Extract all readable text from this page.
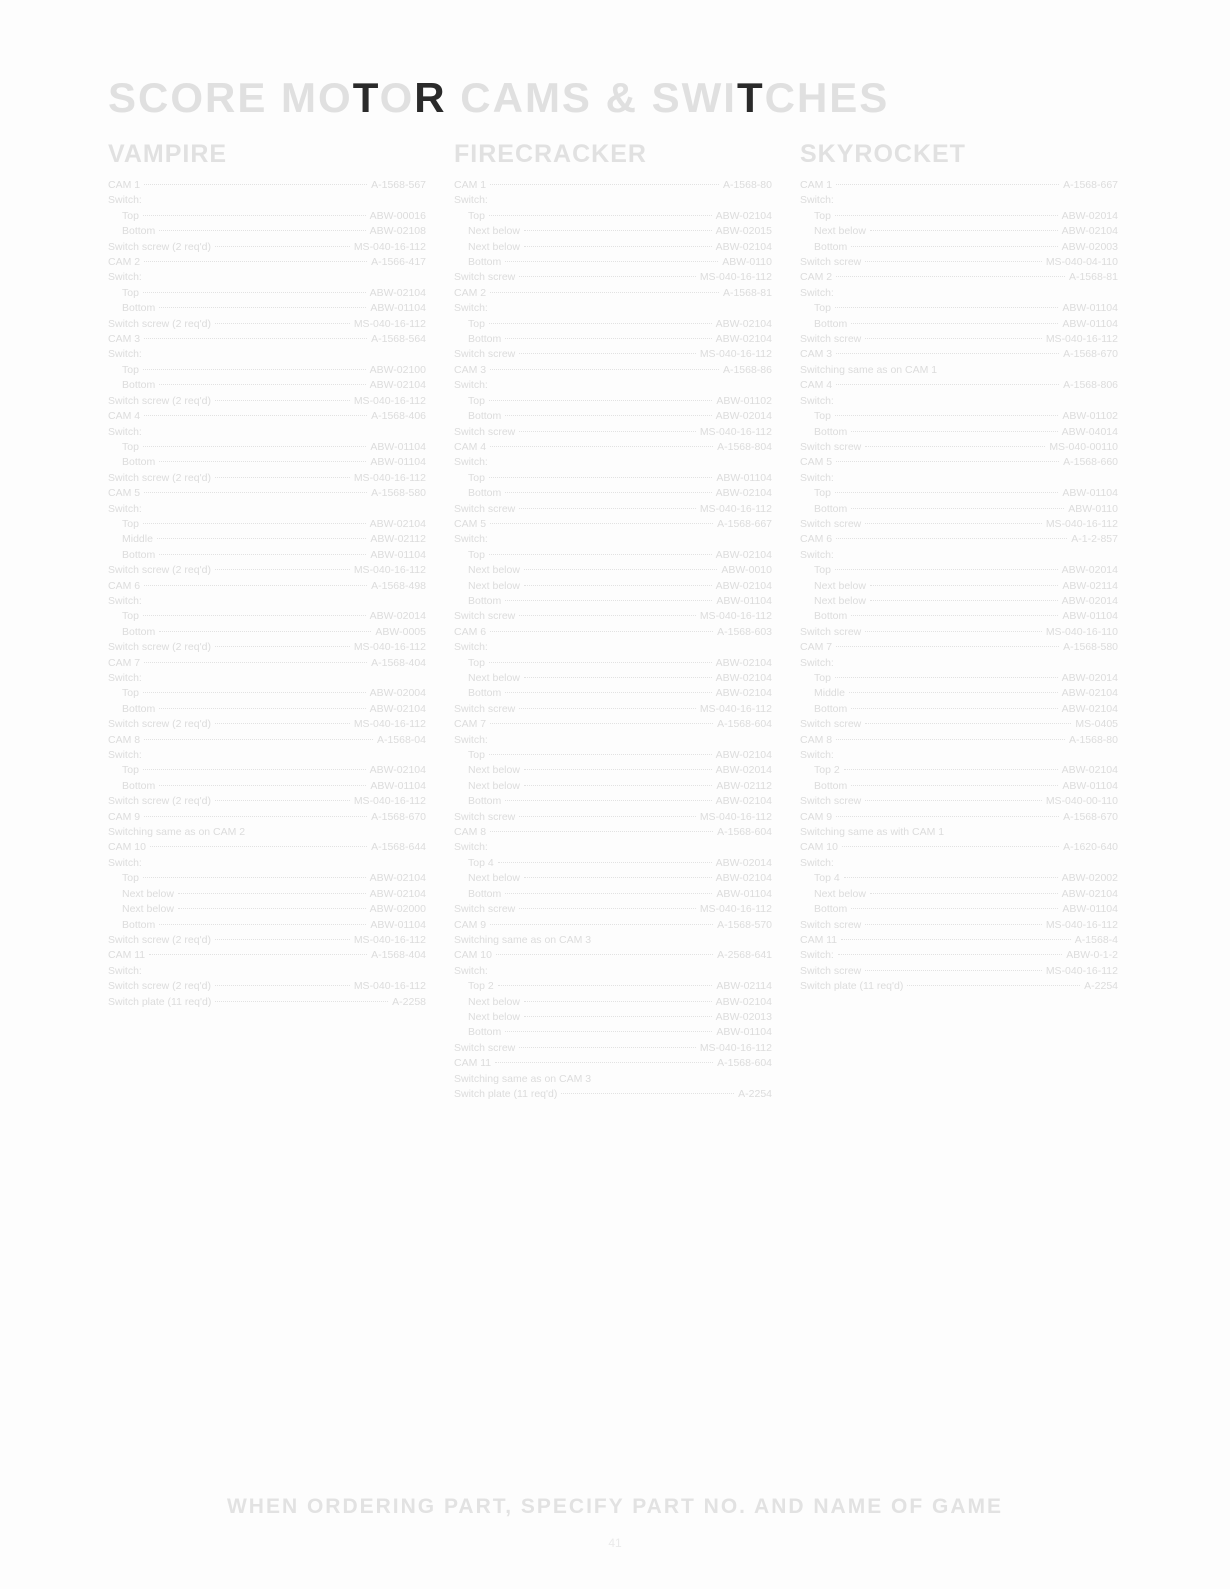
SCORE MOTOR CAMS & SWITCHES
VAMPIRE
CAM 1	A-1568-567
Switch:
Top	ABW-00016
Bottom	ABW-02108
Switch screw (2 req'd)	MS-040-16-112
CAM 2	A-1566-417
Switch:
Top	ABW-02104
Bottom	ABW-01104
Switch screw (2 req'd)	MS-040-16-112
CAM 3	A-1568-564
Switch:
Top	ABW-02100
Bottom	ABW-02104
Switch screw (2 req'd)	MS-040-16-112
CAM 4	A-1568-406
Switch:
Top	ABW-01104
Bottom	ABW-01104
Switch screw (2 req'd)	MS-040-16-112
CAM 5	A-1568-580
Switch:
Top	ABW-02104
Middle	ABW-02112
Bottom	ABW-01104
Switch screw (2 req'd)	MS-040-16-112
CAM 6	A-1568-498
Switch:
Top	ABW-02014
Bottom	ABW-0005
Switch screw (2 req'd)	MS-040-16-112
CAM 7	A-1568-404
Switch:
Top	ABW-02004
Bottom	ABW-02104
Switch screw (2 req'd)	MS-040-16-112
CAM 8	A-1568-04
Switch:
Top	ABW-02104
Bottom	ABW-01104
Switch screw (2 req'd)	MS-040-16-112
CAM 9	A-1568-670
Switching same as on CAM 2
CAM 10	A-1568-644
Switch:
Top	ABW-02104
Next below	ABW-02104
Next below	ABW-02000
Bottom	ABW-01104
Switch screw (2 req'd)	MS-040-16-112
CAM 11	A-1568-404
Switch:
Switch screw (2 req'd)	MS-040-16-112
Switch plate (11 req'd)	A-2258
FIRECRACKER
CAM 1	A-1568-80
Switch:
Top	ABW-02104
Next below	ABW-02015
Next below	ABW-02104
Bottom	ABW-0110
Switch screw	MS-040-16-112
CAM 2	A-1568-81
Switch:
Top	ABW-02104
Bottom	ABW-02104
Switch screw	MS-040-16-112
CAM 3	A-1568-86
Switch:
Top	ABW-01102
Bottom	ABW-02014
Switch screw	MS-040-16-112
CAM 4	A-1568-804
Switch:
Top	ABW-01104
Bottom	ABW-02104
Switch screw	MS-040-16-112
CAM 5	A-1568-667
Switch:
Top	ABW-02104
Next below	ABW-0010
Next below	ABW-02104
Bottom	ABW-01104
Switch screw	MS-040-16-112
CAM 6	A-1568-603
Switch:
Top	ABW-02104
Next below	ABW-02104
Bottom	ABW-02104
Switch screw	MS-040-16-112
CAM 7	A-1568-604
Switch:
Top	ABW-02104
Next below	ABW-02014
Next below	ABW-02112
Bottom	ABW-02104
Switch screw	MS-040-16-112
CAM 8	A-1568-604
Switch:
Top 4	ABW-02014
Next below	ABW-02104
Bottom	ABW-01104
Switch screw	MS-040-16-112
CAM 9	A-1568-570
Switching same as on CAM 3
CAM 10	A-2568-641
Switch:
Top 2	ABW-02114
Next below	ABW-02104
Next below	ABW-02013
Bottom	ABW-01104
Switch screw	MS-040-16-112
CAM 11	A-1568-604
Switching same as on CAM 3
Switch plate (11 req'd)	A-2254
SKYROCKET
CAM 1	A-1568-667
Switch:
Top	ABW-02014
Next below	ABW-02104
Bottom	ABW-02003
Switch screw	MS-040-04-110
CAM 2	A-1568-81
Switch:
Top	ABW-01104
Bottom	ABW-01104
Switch screw	MS-040-16-112
CAM 3	A-1568-670
Switching same as on CAM 1
CAM 4	A-1568-806
Switch:
Top	ABW-01102
Bottom	ABW-04014
Switch screw	MS-040-00110
CAM 5	A-1568-660
Switch:
Top	ABW-01104
Bottom	ABW-0110
Switch screw	MS-040-16-112
CAM 6	A-1-2-857
Switch:
Top	ABW-02014
Next below	ABW-02114
Next below	ABW-02014
Bottom	ABW-01104
Switch screw	MS-040-16-110
CAM 7	A-1568-580
Switch:
Top	ABW-02014
Middle	ABW-02104
Bottom	ABW-02104
Switch screw	MS-0405
CAM 8	A-1568-80
Switch:
Top 2	ABW-02104
Bottom	ABW-01104
Switch screw	MS-040-00-110
CAM 9	A-1568-670
Switching same as with CAM 1
CAM 10	A-1620-640
Switch:
Top 4	ABW-02002
Next below	ABW-02104
Bottom	ABW-01104
Switch screw	MS-040-16-112
CAM 11	A-1568-4
Switch:	ABW-0-1-2
Switch screw	MS-040-16-112
Switch plate (11 req'd)	A-2254
WHEN ORDERING PART, SPECIFY PART NO. AND NAME OF GAME
41
